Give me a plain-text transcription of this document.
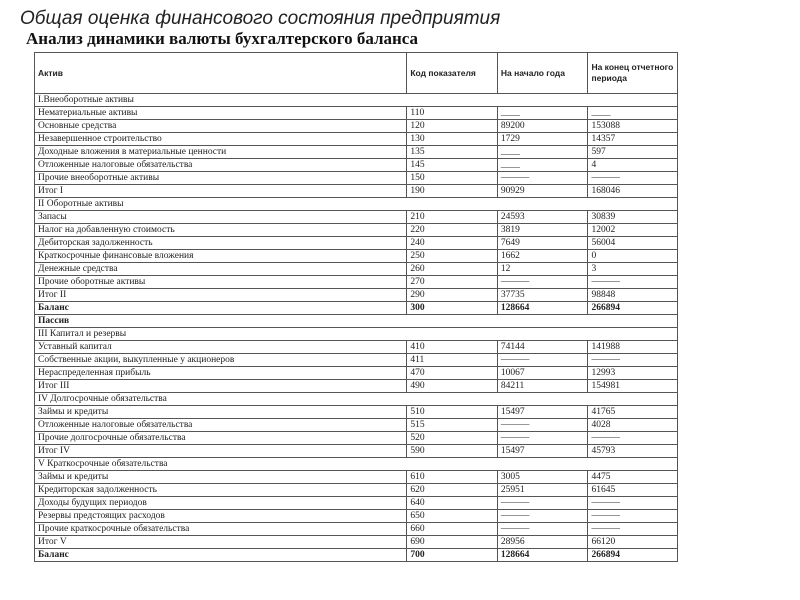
Общая оценка финансового состояния предприятия
Анализ динамики валюты бухгалтерского баланса
Актив	Код показателя	На начало года	На конец отчетного периода
I.Внеоборотные активы			
Нематериальные активы	110	____	____
Основные средства	120	89200	153088
Незавершенное строительство	130	1729	14357
Доходные вложения в материальные ценности	135	____	597
Отложенные налоговые обязательства	145	____	4
Прочие внеоборотные активы	150	———	———
Итог I	190	90929	168046
II Оборотные активы			
Запасы	210	24593	30839
Налог на добавленную стоимость	220	3819	12002
Дебиторская задолженность	240	7649	56004
Краткосрочные финансовые вложения	250	1662	0
Денежные средства	260	12	3
Прочие оборотные активы	270	———	———
Итог II	290	37735	98848
Баланс	300	128664	266894
Пассив			
III Капитал и резервы			
Уставный капитал	410	74144	141988
Собственные акции, выкупленные у акционеров	411	———	———
Нераспределенная прибыль	470	10067	12993
Итог III	490	84211	154981
IV Долгосрочные обязательства			
Займы и кредиты	510	15497	41765
Отложенные налоговые обязательства	515	———	4028
Прочие долгосрочные обязательства	520	———	———
Итог IV	590	15497	45793
V Краткосрочные обязательства			
Займы и кредиты	610	3005	4475
Кредиторская задолженность	620	25951	61645
Доходы будущих периодов	640	———	———
Резервы предстоящих расходов	650	———	———
Прочие краткосрочные обязательства	660	———	———
Итог V	690	28956	66120
Баланс	700	128664	266894
